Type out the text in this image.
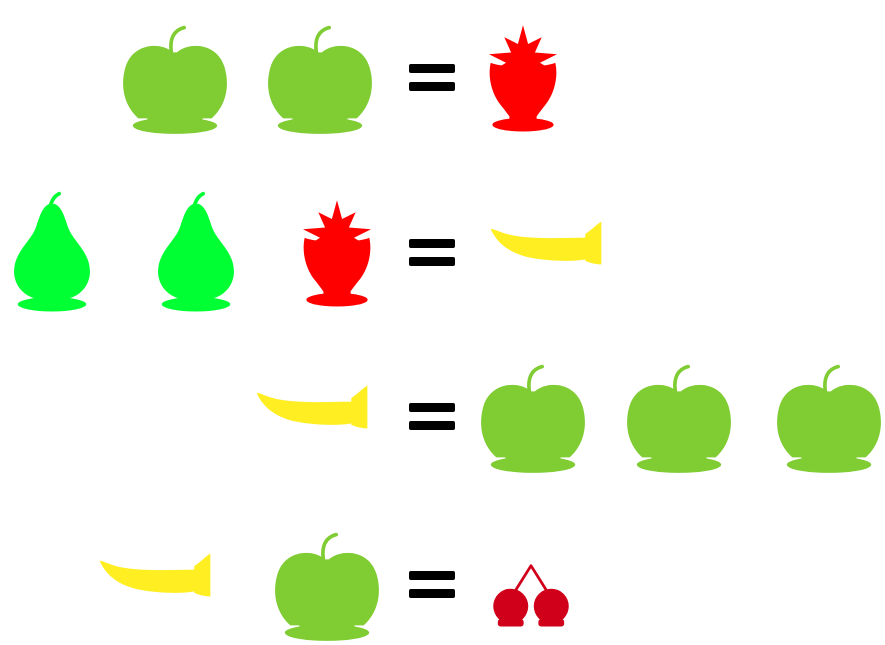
=
=
=
=
